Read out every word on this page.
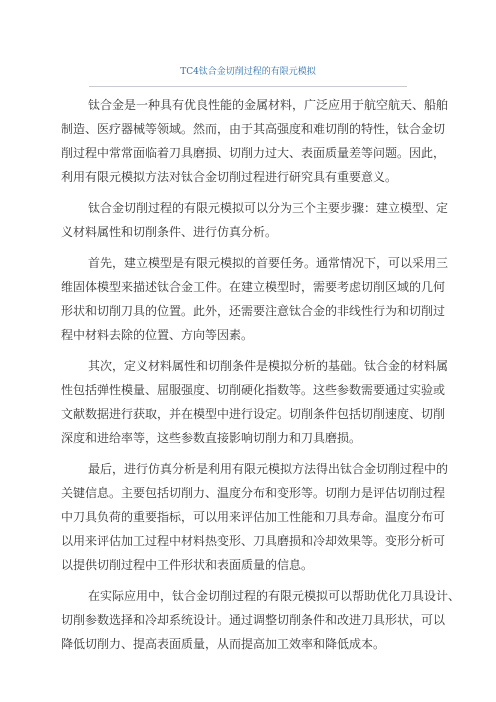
TC4钛合金切削过程的有限元模拟
钛合金是一种具有优良性能的金属材料，广泛应用于航空航天、船舶
制造、医疗器械等领域。然而，由于其高强度和难切削的特性，钛合金切
削过程中常常面临着刀具磨损、切削力过大、表面质量差等问题。因此，
利用有限元模拟方法对钛合金切削过程进行研究具有重要意义。
钛合金切削过程的有限元模拟可以分为三个主要步骤：建立模型、定
义材料属性和切削条件、进行仿真分析。
首先，建立模型是有限元模拟的首要任务。通常情况下，可以采用三
维固体模型来描述钛合金工件。在建立模型时，需要考虑切削区域的几何
形状和切削刀具的位置。此外，还需要注意钛合金的非线性行为和切削过
程中材料去除的位置、方向等因素。
其次，定义材料属性和切削条件是模拟分析的基础。钛合金的材料属
性包括弹性模量、屈服强度、切削硬化指数等。这些参数需要通过实验或
文献数据进行获取，并在模型中进行设定。切削条件包括切削速度、切削
深度和进给率等，这些参数直接影响切削力和刀具磨损。
最后，进行仿真分析是利用有限元模拟方法得出钛合金切削过程中的
关键信息。主要包括切削力、温度分布和变形等。切削力是评估切削过程
中刀具负荷的重要指标，可以用来评估加工性能和刀具寿命。温度分布可
以用来评估加工过程中材料热变形、刀具磨损和冷却效果等。变形分析可
以提供切削过程中工件形状和表面质量的信息。
在实际应用中，钛合金切削过程的有限元模拟可以帮助优化刀具设计、
切削参数选择和冷却系统设计。通过调整切削条件和改进刀具形状，可以
降低切削力、提高表面质量，从而提高加工效率和降低成本。
